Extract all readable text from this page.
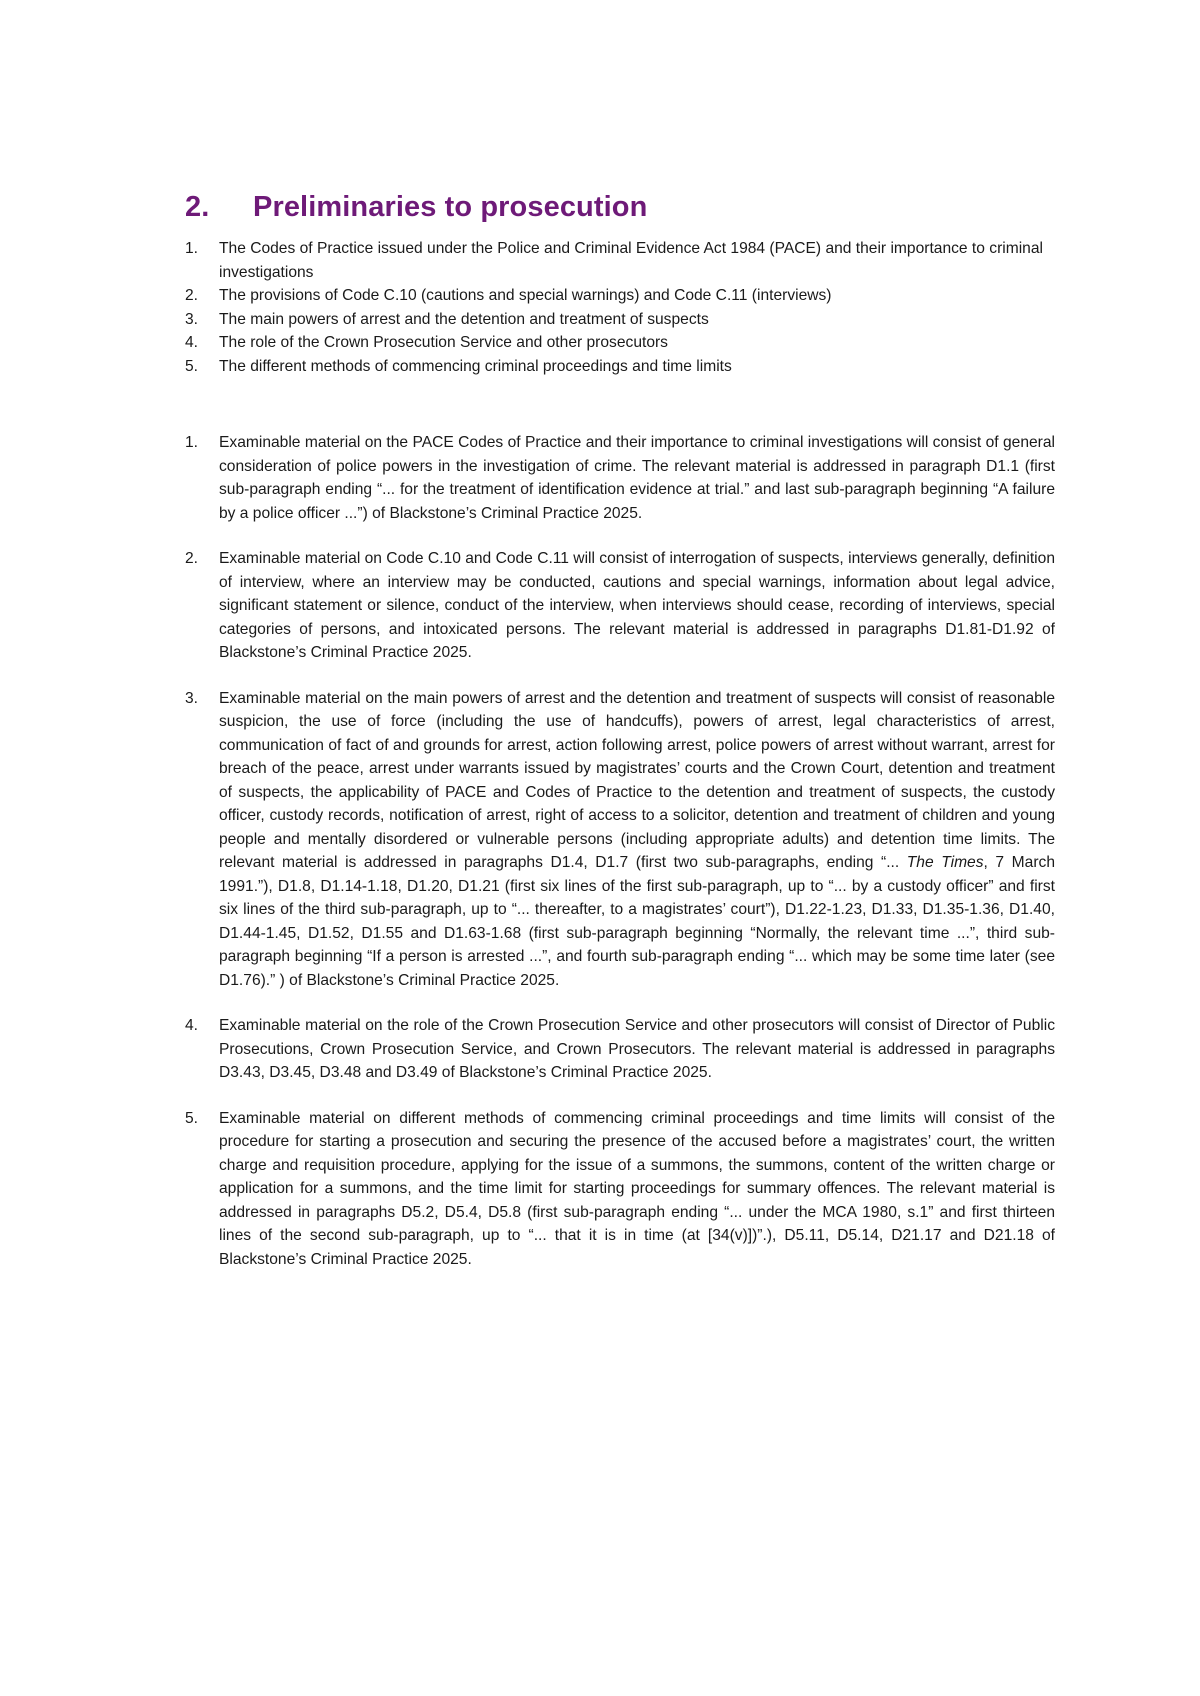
2.	Preliminaries to prosecution
1.	The Codes of Practice issued under the Police and Criminal Evidence Act 1984 (PACE) and their importance to criminal investigations
2.	The provisions of Code C.10 (cautions and special warnings) and Code C.11 (interviews)
3.	The main powers of arrest and the detention and treatment of suspects
4.	The role of the Crown Prosecution Service and other prosecutors
5.	The different methods of commencing criminal proceedings and time limits
1.	Examinable material on the PACE Codes of Practice and their importance to criminal investigations will consist of general consideration of police powers in the investigation of crime. The relevant material is addressed in paragraph D1.1 (first sub-paragraph ending “... for the treatment of identification evidence at trial.” and last sub-paragraph beginning “A failure by a police officer ...”) of Blackstone’s Criminal Practice 2025.
2.	Examinable material on Code C.10 and Code C.11 will consist of interrogation of suspects, interviews generally, definition of interview, where an interview may be conducted, cautions and special warnings, information about legal advice, significant statement or silence, conduct of the interview, when interviews should cease, recording of interviews, special categories of persons, and intoxicated persons. The relevant material is addressed in paragraphs D1.81-D1.92 of Blackstone’s Criminal Practice 2025.
3.	Examinable material on the main powers of arrest and the detention and treatment of suspects will consist of reasonable suspicion, the use of force (including the use of handcuffs), powers of arrest, legal characteristics of arrest, communication of fact of and grounds for arrest, action following arrest, police powers of arrest without warrant, arrest for breach of the peace, arrest under warrants issued by magistrates’ courts and the Crown Court, detention and treatment of suspects, the applicability of PACE and Codes of Practice to the detention and treatment of suspects, the custody officer, custody records, notification of arrest, right of access to a solicitor, detention and treatment of children and young people and mentally disordered or vulnerable persons (including appropriate adults) and detention time limits. The relevant material is addressed in paragraphs D1.4, D1.7 (first two sub-paragraphs, ending “... The Times, 7 March 1991.”), D1.8, D1.14-1.18, D1.20, D1.21 (first six lines of the first sub-paragraph, up to “... by a custody officer” and first six lines of the third sub-paragraph, up to “... thereafter, to a magistrates’ court”), D1.22-1.23, D1.33, D1.35-1.36, D1.40, D1.44-1.45, D1.52, D1.55 and D1.63-1.68 (first sub-paragraph beginning “Normally, the relevant time ...”, third sub-paragraph beginning “If a person is arrested ...”, and fourth sub-paragraph ending “... which may be some time later (see D1.76).” ) of Blackstone’s Criminal Practice 2025.
4.	Examinable material on the role of the Crown Prosecution Service and other prosecutors will consist of Director of Public Prosecutions, Crown Prosecution Service, and Crown Prosecutors. The relevant material is addressed in paragraphs D3.43, D3.45, D3.48 and D3.49 of Blackstone’s Criminal Practice 2025.
5.	Examinable material on different methods of commencing criminal proceedings and time limits will consist of the procedure for starting a prosecution and securing the presence of the accused before a magistrates’ court, the written charge and requisition procedure, applying for the issue of a summons, the summons, content of the written charge or application for a summons, and the time limit for starting proceedings for summary offences. The relevant material is addressed in paragraphs D5.2, D5.4, D5.8 (first sub-paragraph ending “... under the MCA 1980, s.1” and first thirteen lines of the second sub-paragraph, up to “... that it is in time (at [34(v)])”.), D5.11, D5.14, D21.17 and D21.18 of Blackstone’s Criminal Practice 2025.
